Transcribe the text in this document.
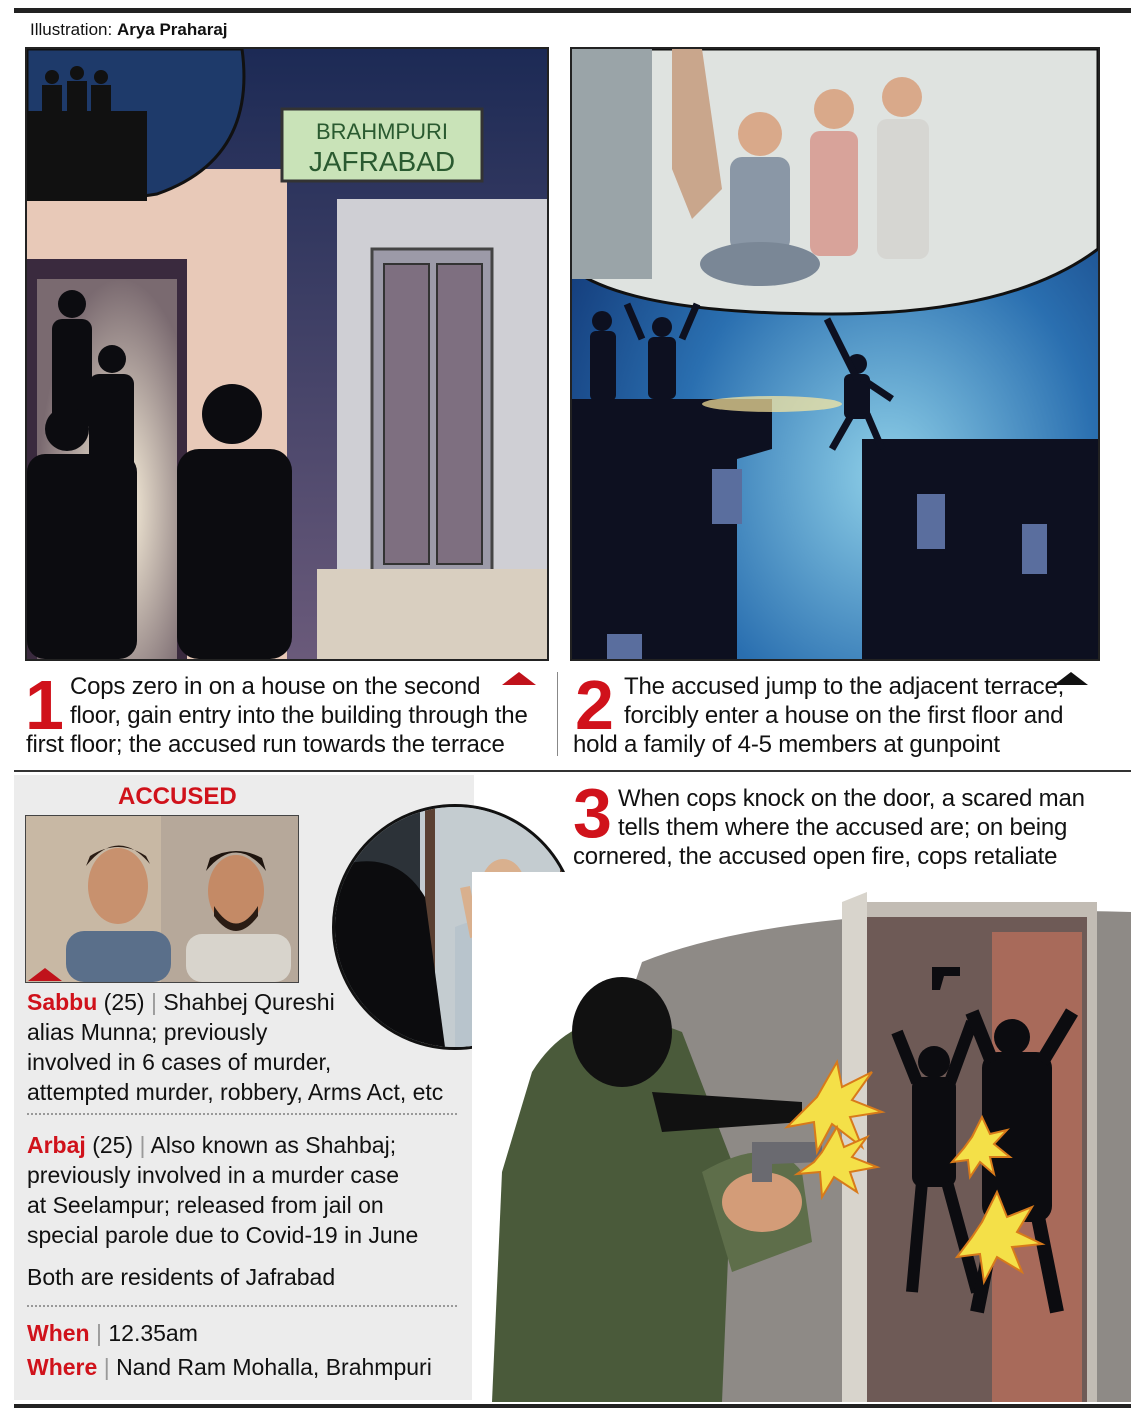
Illustration: Arya Praharaj
BRAHMPURI
JAFRABAD
1 Cops zero in on a house on the second
floor, gain entry into the building through the
first floor; the accused run towards the terrace
2 The accused jump to the adjacent terrace,
forcibly enter a house on the first floor and
hold a family of 4-5 members at gunpoint
ACCUSED
Sabbu (25) | Shahbej Qureshi
alias Munna; previously
involved in 6 cases of murder,
attempted murder, robbery, Arms Act, etc
Arbaj (25) | Also known as Shahbaj;
previously involved in a murder case
at Seelampur; released from jail on
special parole due to Covid-19 in June
Both are residents of Jafrabad
When | 12.35am
Where | Nand Ram Mohalla, Brahmpuri
3 When cops knock on the door, a scared man
tells them where the accused are; on being
cornered, the accused open fire, cops retaliate
